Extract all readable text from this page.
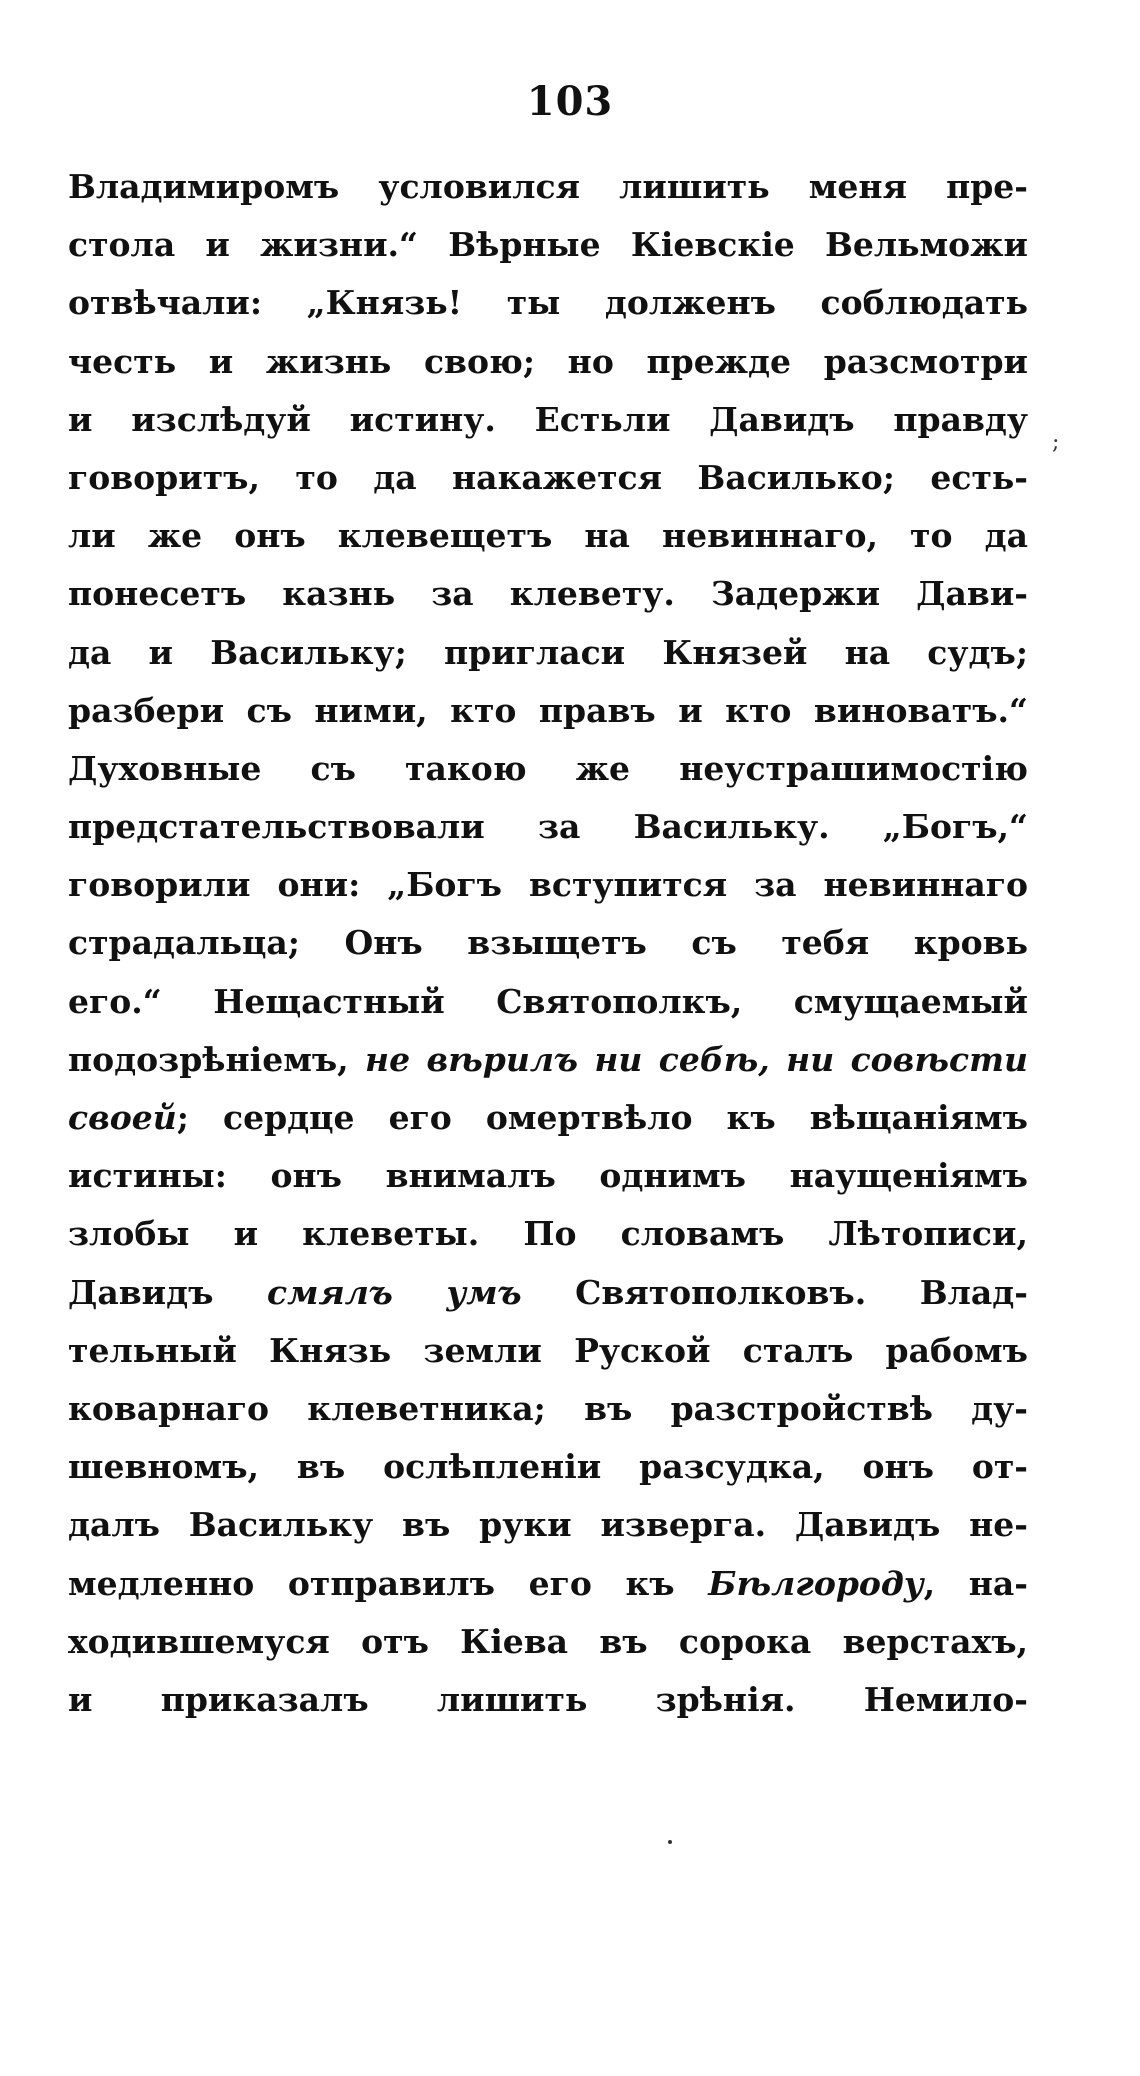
103
Владимиромъ условился лишить меня пре-
стола и жизни.“ Вѣрные Кіевскіе Вельможи
отвѣчали: „Князь! ты долженъ соблюдать
честь и жизнь свою; но прежде разсмотри
и изслѣдуй истину. Естьли Давидъ правду
говоритъ, то да накажется Василько; есть-
ли же онъ клевещетъ на невиннаго, то да
понесетъ казнь за клевету. Задержи Дави-
да и Васильку; пригласи Князей на судъ;
разбери съ ними, кто правъ и кто виноватъ.“
Духовные съ такою же неустрашимостію
предстательствовали за Васильку. „Богъ,“
говорили они: „Богъ вступится за невиннаго
страдальца; Онъ взыщетъ съ тебя кровь
его.“ Нещастный Святополкъ, смущаемый
подозрѣніемъ, не вѣрилъ ни себѣ, ни совѣсти
своей; сердце его омертвѣло къ вѣщаніямъ
истины: онъ внималъ однимъ наущеніямъ
злобы и клеветы. По словамъ Лѣтописи,
Давидъ смялъ умъ Святополковъ. Влад-
тельный Князь земли Руской сталъ рабомъ
коварнаго клеветника; въ разстройствѣ ду-
шевномъ, въ ослѣпленіи разсудка, онъ от-
далъ Васильку въ руки изверга. Давидъ не-
медленно отправилъ его къ Бѣлгороду, на-
ходившемуся отъ Кіева въ сорока верстахъ,
и приказалъ лишить зрѣнія. Немило-
;
